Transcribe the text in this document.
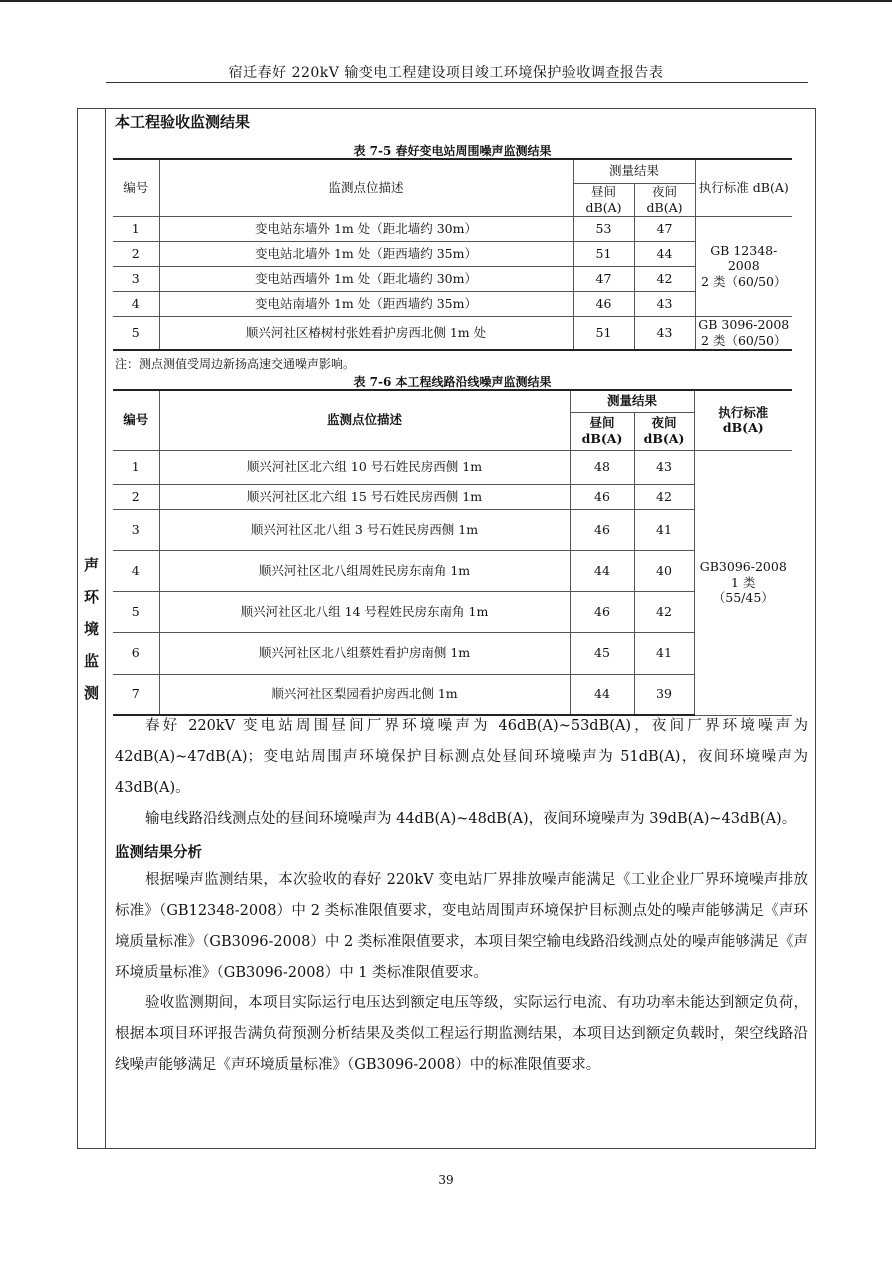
宿迁春好 220kV 输变电工程建设项目竣工环境保护验收调查报告表
声
环
境
监
测
本工程验收监测结果
表 7-5 春好变电站周围噪声监测结果
编号	监测点位描述	测量结果		执行标准 dB(A)
		昼间
dB(A)	夜间
dB(A)	
1	变电站东墙外 1m 处（距北墙约 30m）	53	47	GB 12348-2008
2 类（60/50）
2	变电站北墙外 1m 处（距西墙约 35m）	51	44	
3	变电站西墙外 1m 处（距北墙约 30m）	47	42	
4	变电站南墙外 1m 处（距西墙约 35m）	46	43	
5	顺兴河社区椿树村张姓看护房西北侧 1m 处	51	43	GB 3096-2008
2 类（60/50）
注：测点测值受周边新扬高速交通噪声影响。
表 7-6 本工程线路沿线噪声监测结果
编号	监测点位描述	测量结果		执行标准
dB(A)
		昼间
dB(A)	夜间
dB(A)	
1	顺兴河社区北六组 10 号石姓民房西侧 1m	48	43	GB3096-2008
1 类
（55/45）
2	顺兴河社区北六组 15 号石姓民房西侧 1m	46	42	
3	顺兴河社区北八组 3 号石姓民房西侧 1m	46	41	
4	顺兴河社区北八组周姓民房东南角 1m	44	40	
5	顺兴河社区北八组 14 号程姓民房东南角 1m	46	42	
6	顺兴河社区北八组蔡姓看护房南侧 1m	45	41	
7	顺兴河社区梨园看护房西北侧 1m	44	39	
春好 220kV 变电站周围昼间厂界环境噪声为 46dB(A)~53dB(A)，夜间厂界环境噪声为 42dB(A)~47dB(A)；变电站周围声环境保护目标测点处昼间环境噪声为 51dB(A)，夜间环境噪声为 43dB(A)。
输电线路沿线测点处的昼间环境噪声为 44dB(A)~48dB(A)，夜间环境噪声为 39dB(A)~43dB(A)。
监测结果分析
根据噪声监测结果，本次验收的春好 220kV 变电站厂界排放噪声能满足《工业企业厂界环境噪声排放标准》（GB12348-2008）中 2 类标准限值要求，变电站周围声环境保护目标测点处的噪声能够满足《声环境质量标准》（GB3096-2008）中 2 类标准限值要求，本项目架空输电线路沿线测点处的噪声能够满足《声环境质量标准》（GB3096-2008）中 1 类标准限值要求。
验收监测期间，本项目实际运行电压达到额定电压等级，实际运行电流、有功功率未能达到额定负荷，根据本项目环评报告满负荷预测分析结果及类似工程运行期监测结果，本项目达到额定负载时，架空线路沿线噪声能够满足《声环境质量标准》（GB3096-2008）中的标准限值要求。
39
